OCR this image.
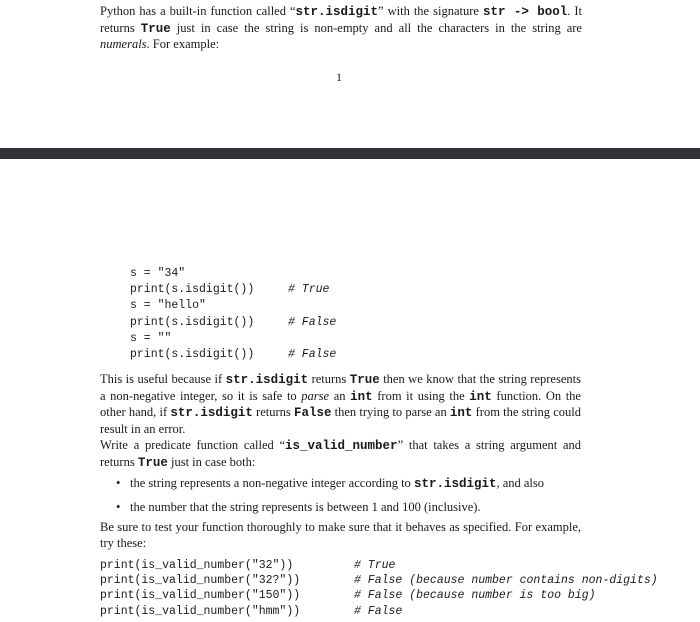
Python has a built-in function called “str.isdigit” with the signature str -> bool. It returns True just in case the string is non-empty and all the characters in the string are numerals. For example:
1
s = "34"
print(s.isdigit())	# True
s = "hello"
print(s.isdigit())	# False
s = ""
print(s.isdigit())	# False
This is useful because if str.isdigit returns True then we know that the string represents a non-negative integer, so it is safe to parse an int from it using the int function. On the other hand, if str.isdigit returns False then trying to parse an int from the string could result in an error.
Write a predicate function called “is_valid_number” that takes a string argument and returns True just in case both:
• the string represents a non-negative integer according to str.isdigit, and also
• the number that the string represents is between 1 and 100 (inclusive).
Be sure to test your function thoroughly to make sure that it behaves as specified. For example, try these:
print(is_valid_number("32"))	# True
print(is_valid_number("32?"))	# False (because number contains non-digits)
print(is_valid_number("150"))	# False (because number is too big)
print(is_valid_number("hmm"))	# False
